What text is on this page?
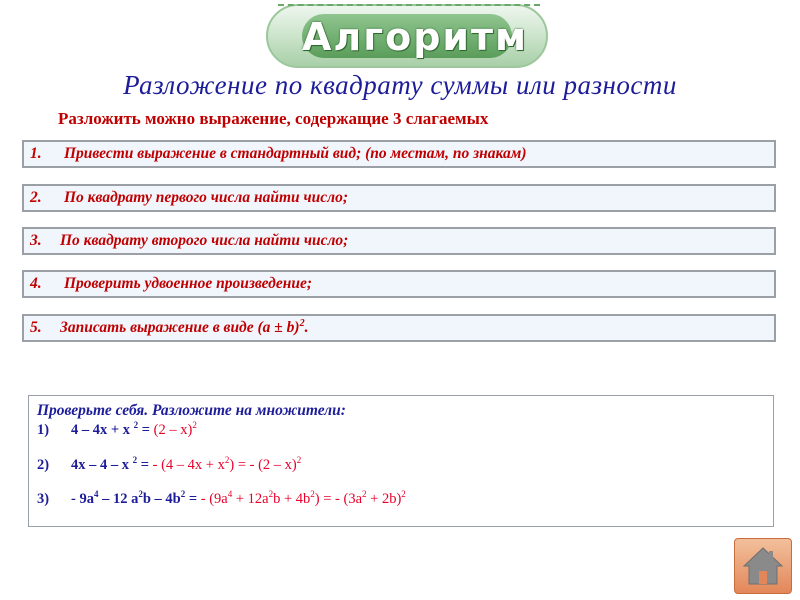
Алгоритм
Разложение по квадрату суммы или разности
Разложить можно выражение, содержащие 3 слагаемых
1. Привести выражение в стандартный вид; (по местам, по знакам)
2. По квадрату первого числа найти число;
3. По квадрату второго числа найти число;
4. Проверить удвоенное произведение;
5. Записать выражение в виде $(a \pm b)^2$.
Проверьте себя. Разложите на множители:
1) 4 – 4x + x $^2$ = (2 – x)$^2$
2) 4x – 4 – x $^2$ = - $(4 - 4x + x^2)$ = - (2 – x)$^2$
$3) - 9a^4 - 12$ $a^2b - 4b^2$ = - $(9a^4 + 12a^2b + 4b^2)$ = - $(3a^2 + 2b)^2$
